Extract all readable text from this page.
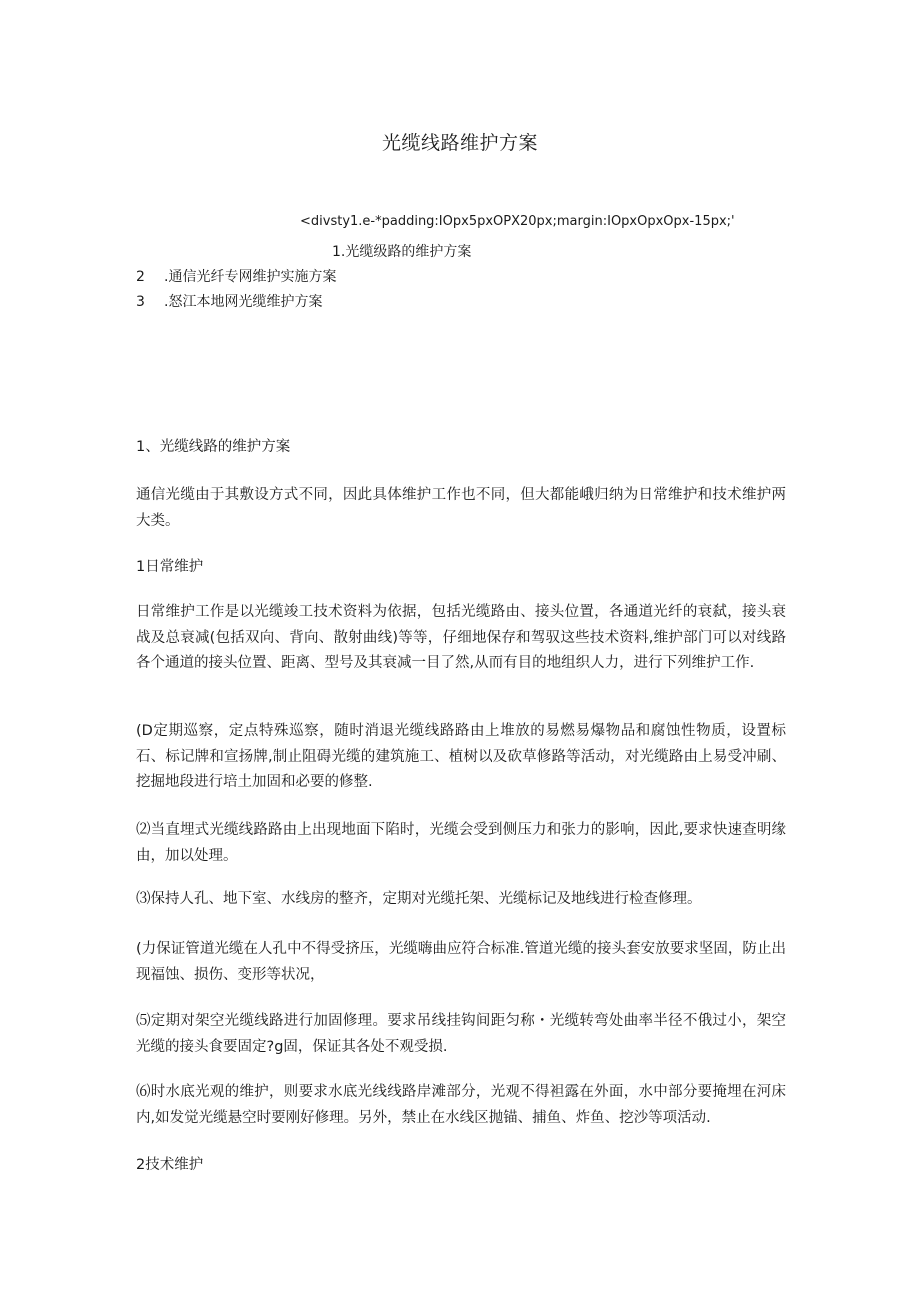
光缆线路维护方案
<divsty1.e-*padding:IOpx5pxOPX20px;margin:IOpxOpxOpx-15px;'
1.光缆级路的维护方案
2 .通信光纤专网维护实施方案
3 .怒江本地网光缆维护方案
1、光缆线路的维护方案
通信光缆由于其敷设方式不同，因此具体维护工作也不同，但大都能峨归纳为日常维护和技术维护两大类。
1日常维护
日常维护工作是以光缆竣工技术资料为依据，包括光缆路由、接头位置，各通道光纤的衰弑，接头衰战及总衰减(包括双向、背向、散射曲线)等等，仔细地保存和驾驭这些技术资料,维护部门可以对线路各个通道的接头位置、距离、型号及其衰减一目了然,从而有目的地组织人力，进行下列维护工作.
(D定期巡察，定点特殊巡察，随时消退光缆线路路由上堆放的易燃易爆物品和腐蚀性物质，设置标石、标记牌和宣扬牌,制止阻碍光缆的建筑施工、植树以及砍草修路等活动，对光缆路由上易受冲刷、挖掘地段进行培土加固和必要的修整.
⑵当直埋式光缆线路路由上出现地面下陷时，光缆会受到侧压力和张力的影响，因此,要求快速查明缘由，加以处理。
⑶保持人孔、地下室、水线房的整齐，定期对光缆托架、光缆标记及地线进行检查修理。
(力保证管道光缆在人孔中不得受挤压，光缆嗨曲应符合标准.管道光缆的接头套安放要求坚固，防止出现福蚀、损伤、变形等状况，
⑸定期对架空光缆线路进行加固修理。要求吊线挂钩间距匀称・光缆转弯处曲率半径不俄过小，架空光缆的接头食要固定?g固，保证其各处不观受损.
⑹时水底光观的维护，则要求水底光线线路岸滩部分，光观不得袒露在外面，水中部分要掩埋在河床内,如发觉光缆悬空时要刚好修理。另外，禁止在水线区抛锚、捕鱼、炸鱼、挖沙等项活动.
2技术维护
